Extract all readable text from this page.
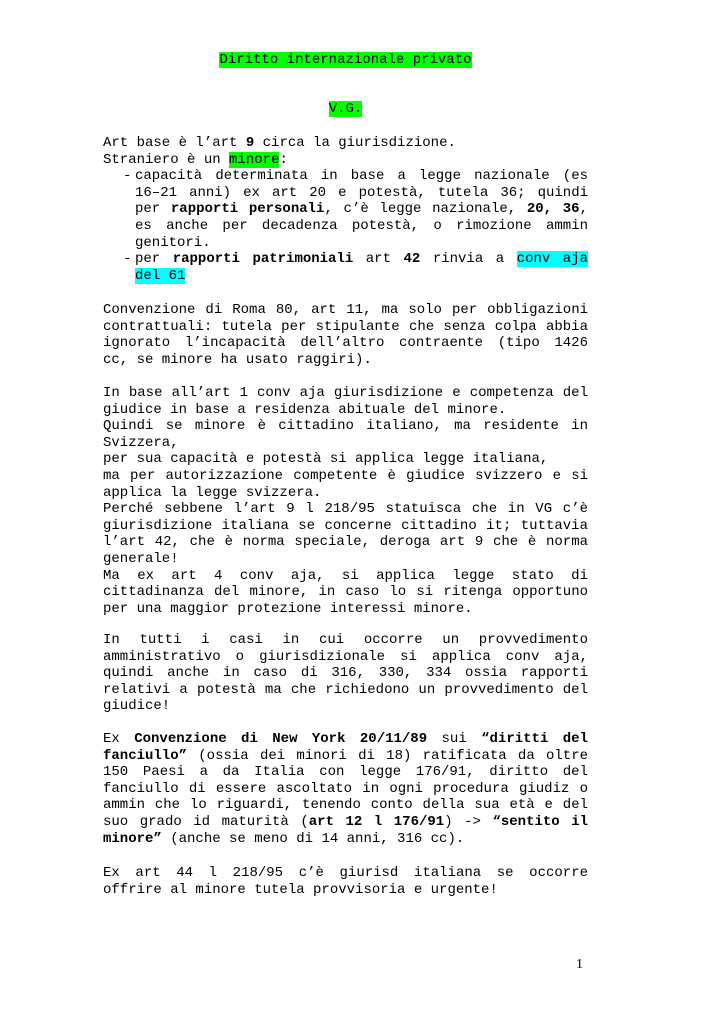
Diritto internazionale privato

V.G.

Art base è l’art 9 circa la giurisdizione.
Straniero è un minore:
- capacità determinata in base a legge nazionale (es 16–21 anni) ex art 20 e potestà, tutela 36; quindi per rapporti personali, c’è legge nazionale, 20, 36, es anche per decadenza potestà, o rimozione ammin genitori.
- per rapporti patrimoniali art 42 rinvia a conv aja del 61

Convenzione di Roma 80, art 11, ma solo per obbligazioni contrattuali: tutela per stipulante che senza colpa abbia ignorato l’incapacità dell’altro contraente (tipo 1426 cc, se minore ha usato raggiri).

In base all’art 1 conv aja giurisdizione e competenza del giudice in base a residenza abituale del minore.
Quindi se minore è cittadino italiano, ma residente in Svizzera,
per sua capacità e potestà si applica legge italiana,
ma per autorizzazione competente è giudice svizzero e si applica la legge svizzera.
Perché sebbene l’art 9 l 218/95 statuisca che in VG c’è giurisdizione italiana se concerne cittadino it; tuttavia l’art 42, che è norma speciale, deroga art 9 che è norma generale!
Ma ex art 4 conv aja, si applica legge stato di cittadinanza del minore, in caso lo si ritenga opportuno per una maggior protezione interessi minore.

In tutti i casi in cui occorre un provvedimento amministrativo o giurisdizionale si applica conv aja, quindi anche in caso di 316, 330, 334 ossia rapporti relativi a potestà ma che richiedono un provvedimento del giudice!

Ex Convenzione di New York 20/11/89 sui “diritti del fanciullo” (ossia dei minori di 18) ratificata da oltre 150 Paesi a da Italia con legge 176/91, diritto del fanciullo di essere ascoltato in ogni procedura giudiz o ammin che lo riguardi, tenendo conto della sua età e del suo grado id maturità (art 12 l 176/91) -> “sentito il minore” (anche se meno di 14 anni, 316 cc).

Ex art 44 l 218/95 c’è giurisd italiana se occorre offrire al minore tutela provvisoria e urgente!

1
